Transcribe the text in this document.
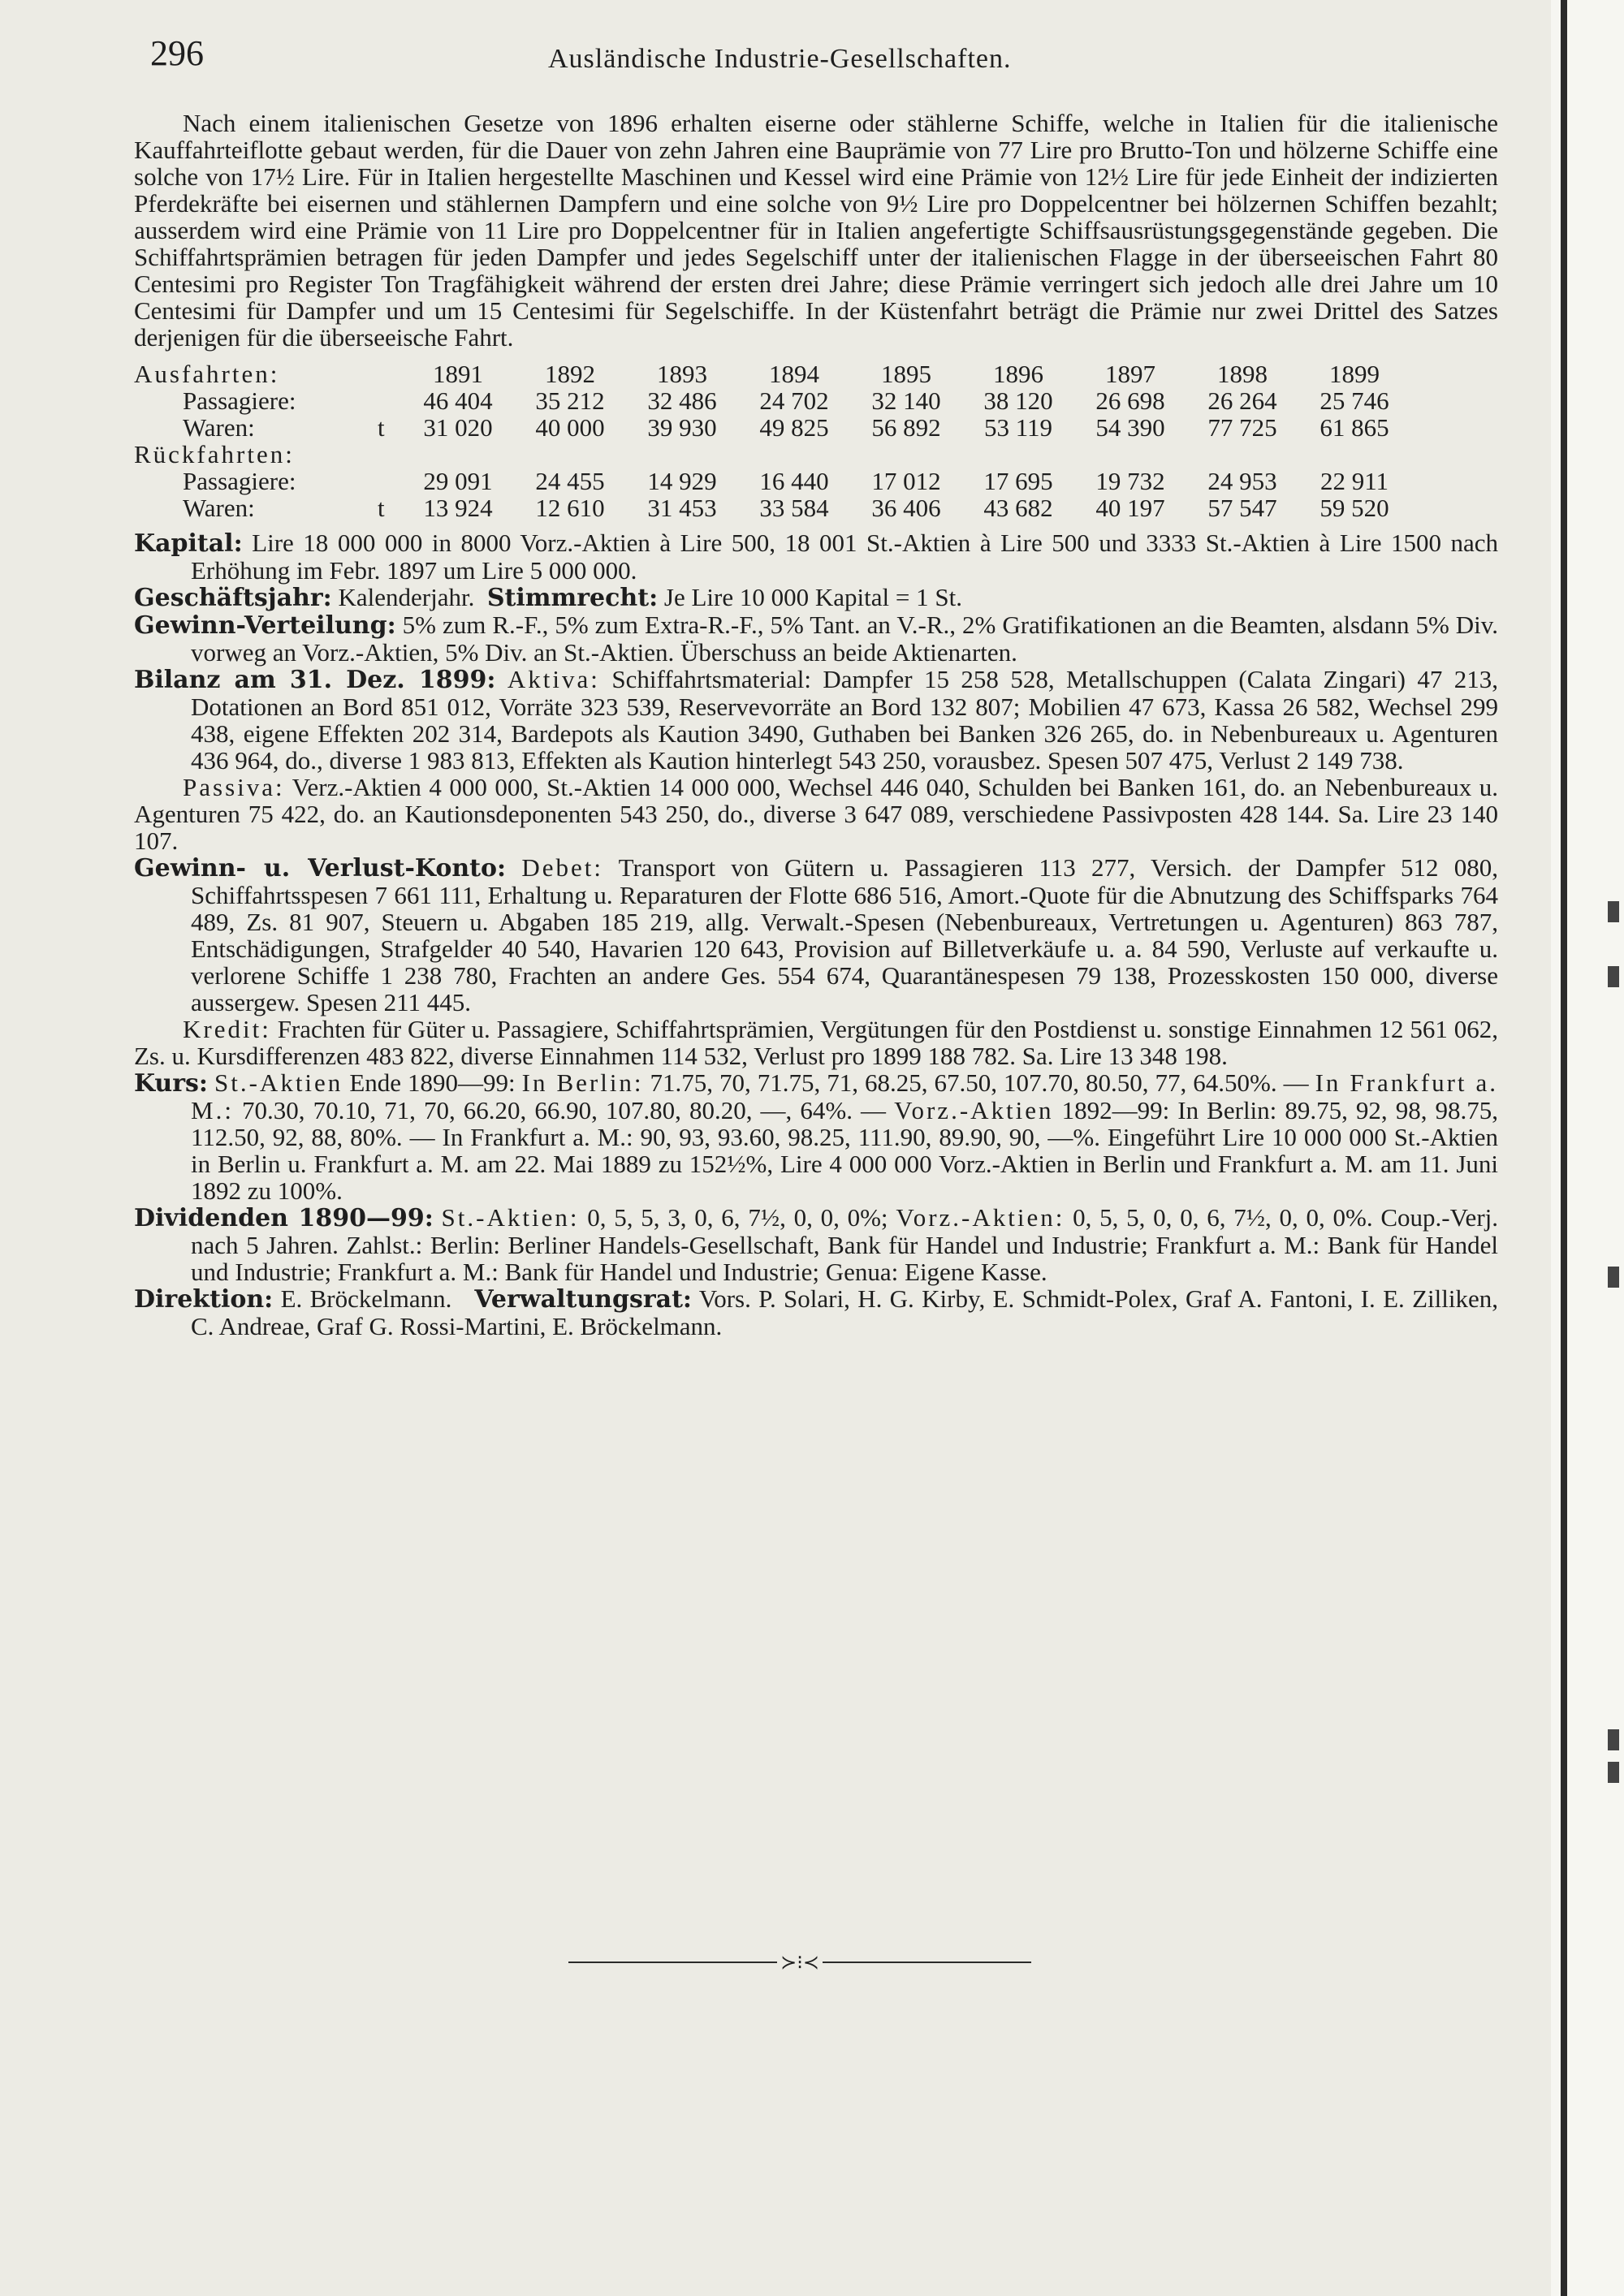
296	Ausländische Industrie-Gesellschaften.

Nach einem italienischen Gesetze von 1896 erhalten eiserne oder stählerne Schiffe, welche in Italien für die italienische Kauffahrteiflotte gebaut werden, für die Dauer von zehn Jahren eine Bauprämie von 77 Lire pro Brutto-Ton und hölzerne Schiffe eine solche von 17½ Lire. Für in Italien hergestellte Maschinen und Kessel wird eine Prämie von 12½ Lire für jede Einheit der indizierten Pferdekräfte bei eisernen und stählernen Dampfern und eine solche von 9½ Lire pro Doppelcentner bei hölzernen Schiffen bezahlt; ausserdem wird eine Prämie von 11 Lire pro Doppelcentner für in Italien angefertigte Schiffsausrüstungsgegenstände gegeben. Die Schiffahrtsprämien betragen für jeden Dampfer und jedes Segelschiff unter der italienischen Flagge in der überseeischen Fahrt 80 Centesimi pro Register Ton Tragfähigkeit während der ersten drei Jahre; diese Prämie verringert sich jedoch alle drei Jahre um 10 Centesimi für Dampfer und um 15 Centesimi für Segelschiffe. In der Küstenfahrt beträgt die Prämie nur zwei Drittel des Satzes derjenigen für die überseeische Fahrt.

Ausfahrten:	1891	1892	1893	1894	1895	1896	1897	1898	1899
Passagiere:	46 404	35 212	32 486	24 702	32 140	38 120	26 698	26 264	25 746
Waren:	t	31 020	40 000	39 930	49 825	56 892	53 119	54 390	77 725	61 865
Rückfahrten:
Passagiere:	29 091	24 455	14 929	16 440	17 012	17 695	19 732	24 953	22 911
Waren:	t	13 924	12 610	31 453	33 584	36 406	43 682	40 197	57 547	59 520

Kapital: Lire 18 000 000 in 8000 Vorz.-Aktien à Lire 500, 18 001 St.-Aktien à Lire 500 und 3333 St.-Aktien à Lire 1500 nach Erhöhung im Febr. 1897 um Lire 5 000 000.

Geschäftsjahr: Kalenderjahr. Stimmrecht: Je Lire 10 000 Kapital = 1 St.

Gewinn-Verteilung: 5% zum R.-F., 5% zum Extra-R.-F., 5% Tant. an V.-R., 2% Gratifikationen an die Beamten, alsdann 5% Div. vorweg an Vorz.-Aktien, 5% Div. an St.-Aktien. Überschuss an beide Aktienarten.

Bilanz am 31. Dez. 1899: Aktiva: Schiffahrtsmaterial: Dampfer 15 258 528, Metallschuppen (Calata Zingari) 47 213, Dotationen an Bord 851 012, Vorräte 323 539, Reservevorräte an Bord 132 807; Mobilien 47 673, Kassa 26 582, Wechsel 299 438, eigene Effekten 202 314, Bardepots als Kaution 3490, Guthaben bei Banken 326 265, do. in Nebenbureaux u. Agenturen 436 964, do., diverse 1 983 813, Effekten als Kaution hinterlegt 543 250, vorausbez. Spesen 507 475, Verlust 2 149 738.

Passiva: Verz.-Aktien 4 000 000, St.-Aktien 14 000 000, Wechsel 446 040, Schulden bei Banken 161, do. an Nebenbureaux u. Agenturen 75 422, do. an Kautionsdeponenten 543 250, do., diverse 3 647 089, verschiedene Passivposten 428 144. Sa. Lire 23 140 107.

Gewinn- u. Verlust-Konto: Debet: Transport von Gütern u. Passagieren 113 277, Versich. der Dampfer 512 080, Schiffahrtsspesen 7 661 111, Erhaltung u. Reparaturen der Flotte 686 516, Amort.-Quote für die Abnutzung des Schiffsparks 764 489, Zs. 81 907, Steuern u. Abgaben 185 219, allg. Verwalt.-Spesen (Nebenbureaux, Vertretungen u. Agenturen) 863 787, Entschädigungen, Strafgelder 40 540, Havarien 120 643, Provision auf Billetverkäufe u. a. 84 590, Verluste auf verkaufte u. verlorene Schiffe 1 238 780, Frachten an andere Ges. 554 674, Quarantänespesen 79 138, Prozesskosten 150 000, diverse aussergew. Spesen 211 445.

Kredit: Frachten für Güter u. Passagiere, Schiffahrtsprämien, Vergütungen für den Postdienst u. sonstige Einnahmen 12 561 062, Zs. u. Kursdifferenzen 483 822, diverse Einnahmen 114 532, Verlust pro 1899 188 782. Sa. Lire 13 348 198.

Kurs: St.-Aktien Ende 1890—99: In Berlin: 71.75, 70, 71.75, 71, 68.25, 67.50, 107.70, 80.50, 77, 64.50%. — In Frankfurt a. M.: 70.30, 70.10, 71, 70, 66.20, 66.90, 107.80, 80.20, —, 64%. — Vorz.-Aktien 1892—99: In Berlin: 89.75, 92, 98, 98.75, 112.50, 92, 88, 80%. — In Frankfurt a. M.: 90, 93, 93.60, 98.25, 111.90, 89.90, 90, —%. Eingeführt Lire 10 000 000 St.-Aktien in Berlin u. Frankfurt a. M. am 22. Mai 1889 zu 152½%, Lire 4 000 000 Vorz.-Aktien in Berlin und Frankfurt a. M. am 11. Juni 1892 zu 100%.

Dividenden 1890—99: St.-Aktien: 0, 5, 5, 3, 0, 6, 7½, 0, 0, 0%; Vorz.-Aktien: 0, 5, 5, 0, 0, 6, 7½, 0, 0, 0%. Coup.-Verj. nach 5 Jahren. Zahlst.: Berlin: Berliner Handels-Gesellschaft, Bank für Handel und Industrie; Frankfurt a. M.: Bank für Handel und Industrie; Frankfurt a. M.: Bank für Handel und Industrie; Genua: Eigene Kasse.

Direktion: E. Bröckelmann. Verwaltungsrat: Vors. P. Solari, H. G. Kirby, E. Schmidt-Polex, Graf A. Fantoni, I. E. Zilliken, C. Andreae, Graf G. Rossi-Martini, E. Bröckelmann.

≻⁝≺
